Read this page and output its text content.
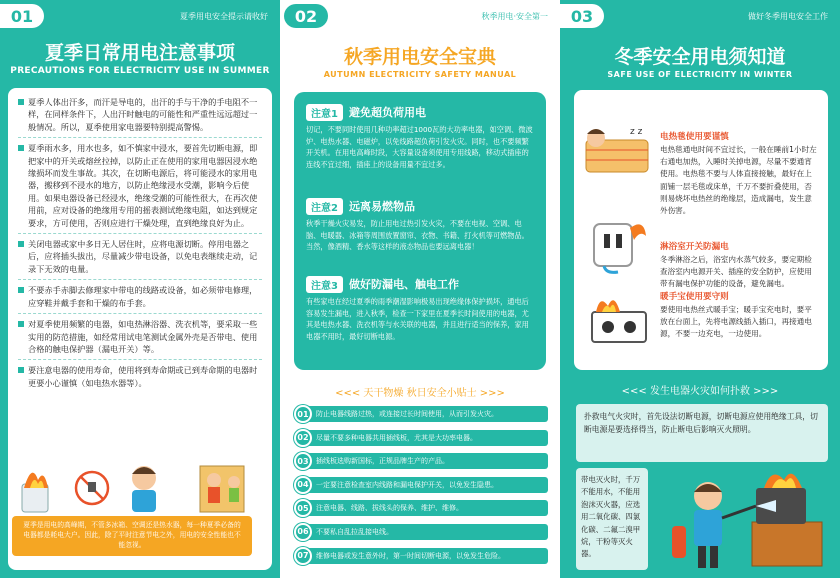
01	夏季用电安全提示请收好
夏季日常用电注意事项
PRECAUTIONS FOR ELECTRICITY USE IN SUMMER
夏季人体出汗多，而汗是导电的，出汗的手与干净的手电阻不一样，在同样条件下，人出汗时触电的可能性和严重性远远超过一般情况。所以，夏季使用家电器要特别提高警惕。
夏季雨水多，用水也多，如不慎家中浸水，要首先切断电源，即把家中的开关或熔丝拉掉，以防止正在使用的家用电器因浸水绝缘损坏而发生事故。其次，在切断电源后，将可能浸水的家用电器，搬移到不浸水的地方，以防止绝缘浸水受潮，影响今后使用。如果电器设备已经浸水，绝缘受潮的可能性很大，在再次使用前，应对设备的绝缘用专用的摇表测试绝缘电阻，如达到规定要求，方可使用，否则应进行干燥处理，直到绝缘良好为止。
关闭电器或家中多日无人居住时，应将电源切断。停用电器之后，应将插头拔出，尽量减少带电设备，以免电表继续走动，记录下无效的电量。
不要赤手赤脚去修理家中带电的线路或设备，如必须带电修理，应穿鞋并戴手套和干燥的布手套。
对夏季使用频繁的电器，如电热淋浴器、洗衣机等，要采取一些实用的防范措施，如经常用试电笔测试金属外壳是否带电、使用合格的触电保护器（漏电开关）等。
要注意电器的使用寿命，使用将到寿命期或已到寿命期的电器时更要小心谨慎（如电热水器等）。
夏季是用电的高峰期，不管多冰箱、空调还是热水器，每一种夏季必备的电器都是耗电大户。因此，除了平时注意节电之外，用电的安全性能也不能忽视。
02	秋季用电·安全第一
秋季用电安全宝典
AUTUMN ELECTRICITY SAFETY MANUAL
注意1	避免超负荷用电
切记，不要同时使用几种功率超过1000瓦的大功率电器，如空调、微波炉、电热水器、电磁炉，以免线路超负荷引发火灾。同时，也不要频繁开关机。在用电高峰时段，大容量设备须使用专用线路，移动式插座的连线不宜过细，插座上的设备用量不宜过多。
注意2	远离易燃物品
秋季干燥火灾易发，防止用电过热引发火灾，不要在电视、空调、电脑、电暖器、冰箱等周围放置窗帘、衣物、书籍、打火机等可燃物品。当然，像酒精、香水等这样的液态物品也要远离电器！
注意3	做好防漏电、触电工作
有些家电在经过夏季的雨季潮湿影响极易出现绝缘体保护损坏，通电后容易发生漏电，进入秋季，检查一下家里在夏季长时间使用的电器，尤其是电热水器、洗衣机等与水关联的电器，并且进行适当的保养，家用电器不用时，最好切断电源。
<<< 天干物燥 秋日安全小贴士 >>>
01	防止电器线路过热，或连接过长时间使用，从而引发火灾。
02	尽量不要多种电器共用插线板，尤其是大功率电器。
03	插线板选购新国标，正规品牌生产的产品。
04	一定要注意检查室内线路和漏电保护开关，以免发生隐患。
05	注意电器、线路、拔线头的保养、维护、维修。
06	不要私自乱拉乱接电线。
07	维修电器或发生意外时，第一时间切断电源，以免发生危险。
03	做好冬季用电安全工作
冬季安全用电须知道
SAFE USE OF ELECTRICITY IN WINTER
z z 电热毯使用要谨慎
电热毯通电时间不宜过长，一般在睡前1小时左右通电加热，入睡时关掉电源，尽量不要通宵使用。电热毯不要与人体直接接触，最好在上面铺一层毛毯或床单，千万不要折叠使用，否则易烧坏电热丝的绝缘层，造成漏电，发生意外伤害。
淋浴室开关防漏电
冬季淋浴之后，浴室内水蒸气较多，要定期检查浴室内电源开关、插座的安全防护，应使用带有漏电保护功能的设备，避免漏电。
暖手宝使用要守则
要使用电热丝式暖手宝；暖手宝充电时，要平放在台面上，先将电源线插入插口，再接通电源，不要一边充电，一边使用。
<<< 发生电器火灾如何扑救 >>>
扑救电气火灾时，首先设法切断电源，切断电源应使用绝缘工具，切断电源是要选择得当，防止断电后影响灭火照明。
带电灭火时，千万不能用水，不能用泡沫灭火器，应选用二氧化碳、四氯化碳、二氟二溴甲烷，干粉等灭火器。
